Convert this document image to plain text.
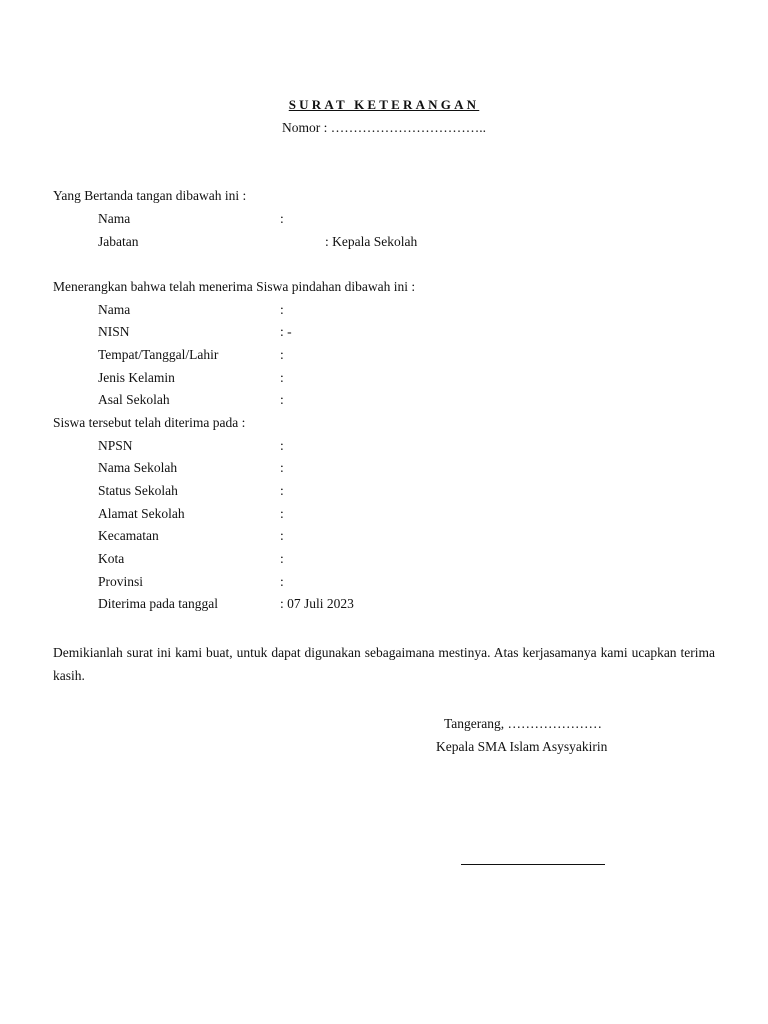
SURAT KETERANGAN
Nomor : ……………………………..
Yang Bertanda tangan dibawah ini :
Nama	:
Jabatan	: Kepala Sekolah
Menerangkan bahwa telah menerima Siswa pindahan dibawah ini :
Nama	:
NISN	: -
Tempat/Tanggal/Lahir	:
Jenis Kelamin	:
Asal Sekolah	:
Siswa tersebut telah diterima pada :
NPSN	:
Nama Sekolah	:
Status Sekolah	:
Alamat Sekolah	:
Kecamatan	:
Kota	:
Provinsi	:
Diterima pada tanggal	: 07 Juli 2023
Demikianlah surat ini kami buat, untuk dapat digunakan sebagaimana mestinya. Atas kerjasamanya kami ucapkan terima kasih.
Tangerang, …………………
Kepala SMA Islam Asysyakirin
